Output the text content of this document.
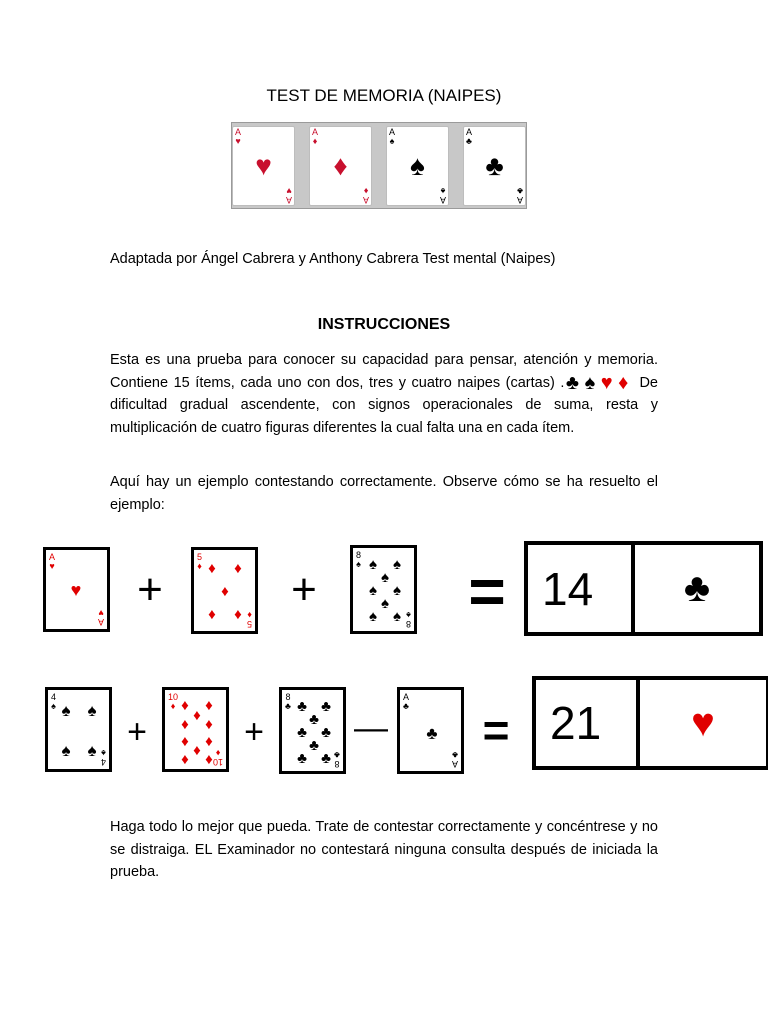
TEST DE MEMORIA (NAIPES)
A
♥
♥
A
♥
A
♦
♦
A
♦
A
♠
♠
A
♠
A
♣
♣
A
♣
Adaptada por Ángel Cabrera y Anthony Cabrera Test mental (Naipes)
INSTRUCCIONES
Esta es una prueba para conocer su capacidad para pensar, atención y memoria. Contiene 15 ítems, cada uno con dos, tres y cuatro naipes (cartas) .♣♠♥♦ De dificultad gradual ascendente, con signos operacionales de suma, resta y multiplicación de cuatro figuras diferentes la cual falta una en cada ítem.
Aquí hay un ejemplo contestando correctamente. Observe cómo se ha resuelto el ejemplo:
A
♥
♥
A
♥ +
5
♦ ♦ ♦
♦
♦ ♦
5
♦
+
8
♠ ♠ ♠
♠
♠ ♠
♠
♠ ♠ 8
♠ = 14	♣
4
♠ ♠ ♠
♠ ♠
4
♠
+
10
♦ ♦ ♦
♦
♦ ♦
♦ ♦
♦
♦ ♦ 10
♦
+
8
♣ ♣ ♣
♣
♣ ♣
♣
♣ ♣ 8
♣
—
A
♣
♣
A
♣ = 21	♥
Haga todo lo mejor que pueda. Trate de contestar correctamente y concéntrese y no se distraiga. EL Examinador no contestará ninguna consulta después de iniciada la prueba.
